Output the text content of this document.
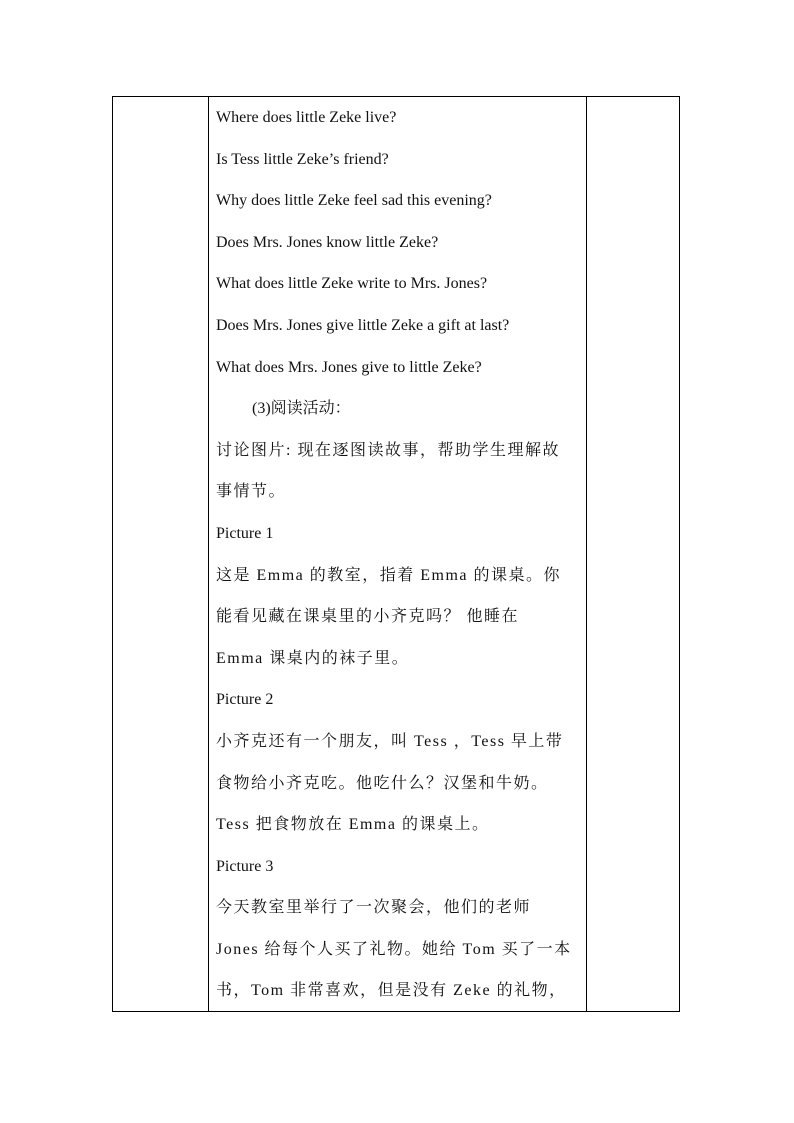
Where does little Zeke live?
Is Tess little Zeke’s friend?
Why does little Zeke feel sad this evening?
Does Mrs. Jones know little Zeke?
What does little Zeke write to Mrs. Jones?
Does Mrs. Jones give little Zeke a gift at last?
What does Mrs. Jones give to little Zeke?
(3)阅读活动：
讨论图片: 现在逐图读故事，帮助学生理解故
事情节。
Picture 1
这是 Emma 的教室，指着 Emma 的课桌。你
能看见藏在课桌里的小齐克吗？ 他睡在
Emma 课桌内的袜子里。
Picture 2
小齐克还有一个朋友，叫 Tess ，Tess 早上带
食物给小齐克吃。他吃什么？汉堡和牛奶。
Tess 把食物放在 Emma 的课桌上。
Picture 3
今天教室里举行了一次聚会，他们的老师
Jones 给每个人买了礼物。她给 Tom 买了一本
书，Tom 非常喜欢，但是没有 Zeke 的礼物，
